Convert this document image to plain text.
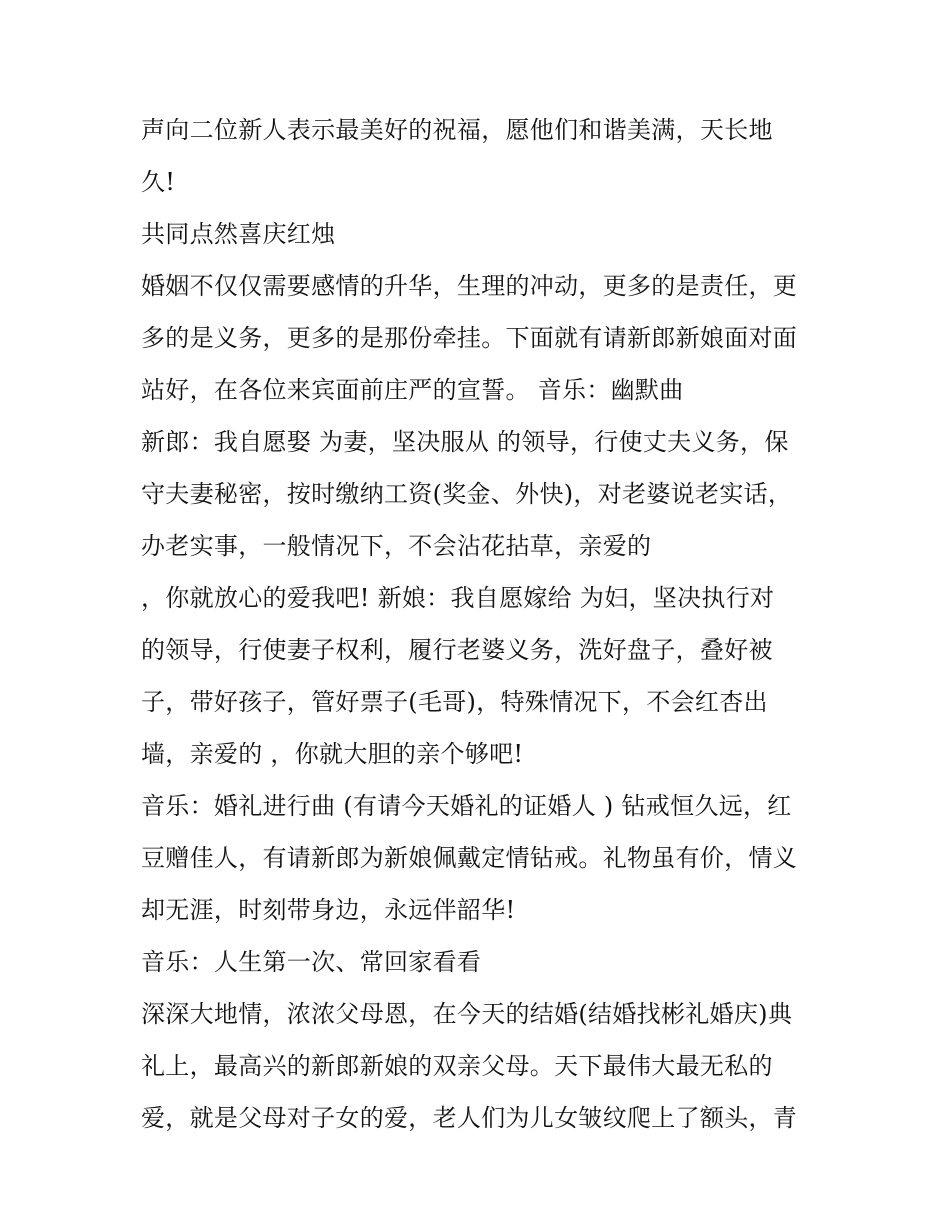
声向二位新人表示最美好的祝福，愿他们和谐美满，天长地
久!
共同点然喜庆红烛
婚姻不仅仅需要感情的升华，生理的冲动，更多的是责任，更
多的是义务，更多的是那份牵挂。下面就有请新郎新娘面对面
站好，在各位来宾面前庄严的宣誓。 音乐：幽默曲
新郎：我自愿娶 为妻，坚决服从 的领导，行使丈夫义务，保
守夫妻秘密，按时缴纳工资(奖金、外快)，对老婆说老实话，
办老实事，一般情况下，不会沾花拈草，亲爱的
，你就放心的爱我吧! 新娘：我自愿嫁给 为妇，坚决执行对
的领导，行使妻子权利，履行老婆义务，洗好盘子，叠好被
子，带好孩子，管好票子(毛哥)，特殊情况下，不会红杏出
墙，亲爱的 ，你就大胆的亲个够吧!
音乐：婚礼进行曲 (有请今天婚礼的证婚人 ) 钻戒恒久远，红
豆赠佳人，有请新郎为新娘佩戴定情钻戒。礼物虽有价，情义
却无涯，时刻带身边，永远伴韶华!
音乐：人生第一次、常回家看看
深深大地情，浓浓父母恩，在今天的结婚(结婚找彬礼婚庆)典
礼上，最高兴的新郎新娘的双亲父母。天下最伟大最无私的
爱，就是父母对子女的爱，老人们为儿女皱纹爬上了额头，青
